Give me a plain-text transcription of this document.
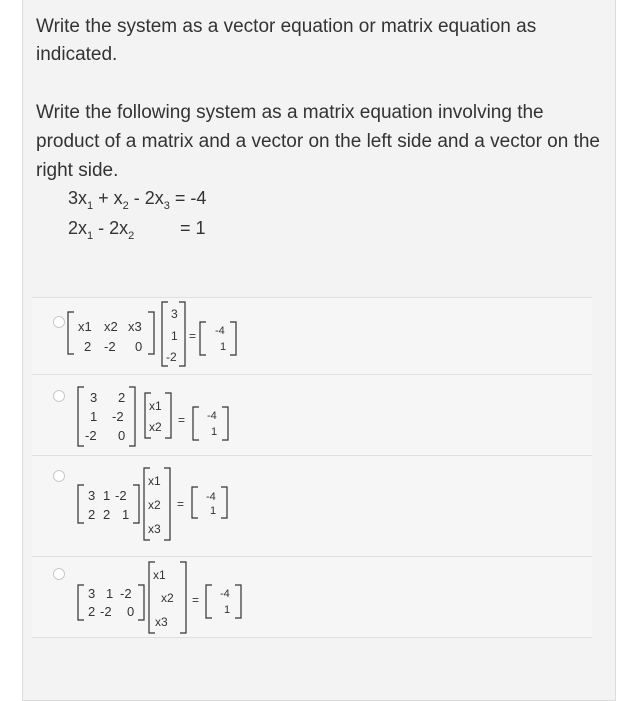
Write the system as a vector equation or matrix equation as
indicated.
Write the following system as a matrix equation involving the
product of a matrix and a vector on the left side and a vector on the
right side.
$3x_1 + x_2 - 2x_3 = -4$
$2x_1 - 2x_2$	= 1
x1 x2 x3
2 -2 0
3
1
-2
= -4
1
3 2
1 -2
-2 0
x1
x2 = -4
1
3 1 -2
2 2 1
x1
x2
x3
= -4
1
3 1 -2
2 -2 0
x1
x2
x3
= -4
1
